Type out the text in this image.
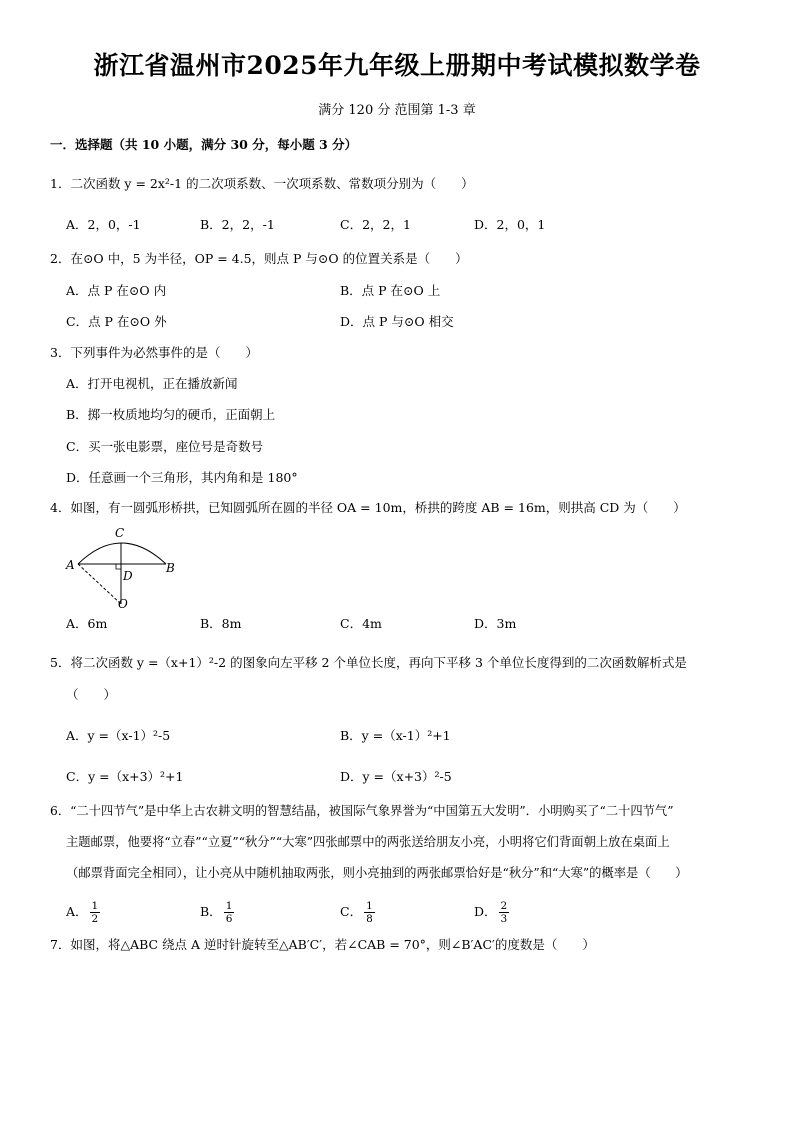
浙江省温州市2025年九年级上册期中考试模拟数学卷
满分 120 分 范围第 1-3 章
一．选择题（共 10 小题，满分 30 分，每小题 3 分）
1．二次函数 y = 2x²-1 的二次项系数、一次项系数、常数项分别为（　　）
A．2，0，-1	B．2，2，-1	C．2，2，1	D．2，0，1
2．在⊙O 中，5 为半径，OP = 4.5，则点 P 与⊙O 的位置关系是（　　）
A．点 P 在⊙O 内	B．点 P 在⊙O 上
C．点 P 在⊙O 外	D．点 P 与⊙O 相交
3．下列事件为必然事件的是（　　）
A．打开电视机，正在播放新闻
B．掷一枚质地均匀的硬币，正面朝上
C．买一张电影票，座位号是奇数号
D．任意画一个三角形，其内角和是 180°
4．如图，有一圆弧形桥拱，已知圆弧所在圆的半径 OA = 10m，桥拱的跨度 AB = 16m，则拱高 CD 为（　　）
A	B
C
D
O
A．6m	B．8m	C．4m	D．3m
5．将二次函数 y =（x+1）²-2 的图象向左平移 2 个单位长度，再向下平移 3 个单位长度得到的二次函数解析式是
（　　）
A．y =（x-1）²-5	B．y =（x-1）²+1
C．y =（x+3）²+1	D．y =（x+3）²-5
6．“二十四节气”是中华上古农耕文明的智慧结晶，被国际气象界誉为“中国第五大发明”．小明购买了“二十四节气”
主题邮票，他要将“立春”“立夏”“秋分”“大寒”四张邮票中的两张送给朋友小亮，小明将它们背面朝上放在桌面上
（邮票背面完全相同），让小亮从中随机抽取两张，则小亮抽到的两张邮票恰好是“秋分”和“大寒”的概率是（　　）
A． $\frac{1}{2}$	B． $\frac{1}{6}$	C． $\frac{1}{8}$	D． $\frac{2}{3}$
7．如图，将△ABC 绕点 A 逆时针旋转至△AB′C′，若∠CAB = 70°，则∠B′AC′的度数是（　　）
